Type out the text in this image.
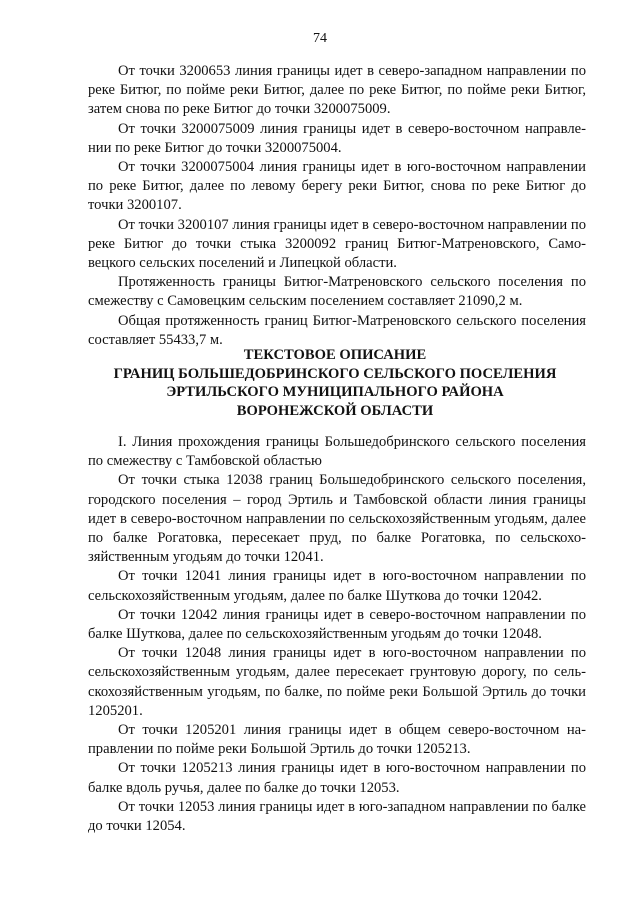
74

От точки 3200653 линия границы идет в северо-западном направлении по реке Битюг, по пойме реки Битюг, далее по реке Битюг, по пойме реки Битюг, затем снова по реке Битюг до точки 3200075009.

От точки 3200075009 линия границы идет в северо-восточном направлении по реке Битюг до точки 3200075004.

От точки 3200075004 линия границы идет в юго-восточном направлении по реке Битюг, далее по левому берегу реки Битюг, снова по реке Битюг до точки 3200107.

От точки 3200107 линия границы идет в северо-восточном направлении по реке Битюг до точки стыка 3200092 границ Битюг-Матреновского, Самовецкого сельских поселений и Липецкой области.

Протяженность границы Битюг-Матреновского сельского поселения по смежеству с Самовецким сельским поселением составляет 21090,2 м.

Общая протяженность границ Битюг-Матреновского сельского поселения составляет 55433,7 м.

ТЕКСТОВОЕ ОПИСАНИЕ
ГРАНИЦ БОЛЬШЕДОБРИНСКОГО СЕЛЬСКОГО ПОСЕЛЕНИЯ
ЭРТИЛЬСКОГО МУНИЦИПАЛЬНОГО РАЙОНА
ВОРОНЕЖСКОЙ ОБЛАСТИ

I. Линия прохождения границы Большедобринского сельского поселения по смежеству с Тамбовской областью

От точки стыка 12038 границ Большедобринского сельского поселения, городского поселения – город Эртиль и Тамбовской области линия границы идет в северо-восточном направлении по сельскохозяйственным угодьям, далее по балке Рогатовка, пересекает пруд, по балке Рогатовка, по сельскохозяйственным угодьям до точки 12041.

От точки 12041 линия границы идет в юго-восточном направлении по сельскохозяйственным угодьям, далее по балке Шуткова до точки 12042.

От точки 12042 линия границы идет в северо-восточном направлении по балке Шуткова, далее по сельскохозяйственным угодьям до точки 12048.

От точки 12048 линия границы идет в юго-восточном направлении по сельскохозяйственным угодьям, далее пересекает грунтовую дорогу, по сельскохозяйственным угодьям, по балке, по пойме реки Большой Эртиль до точки 1205201.

От точки 1205201 линия границы идет в общем северо-восточном направлении по пойме реки Большой Эртиль до точки 1205213.

От точки 1205213 линия границы идет в юго-восточном направлении по балке вдоль ручья, далее по балке до точки 12053.

От точки 12053 линия границы идет в юго-западном направлении по балке до точки 12054.
